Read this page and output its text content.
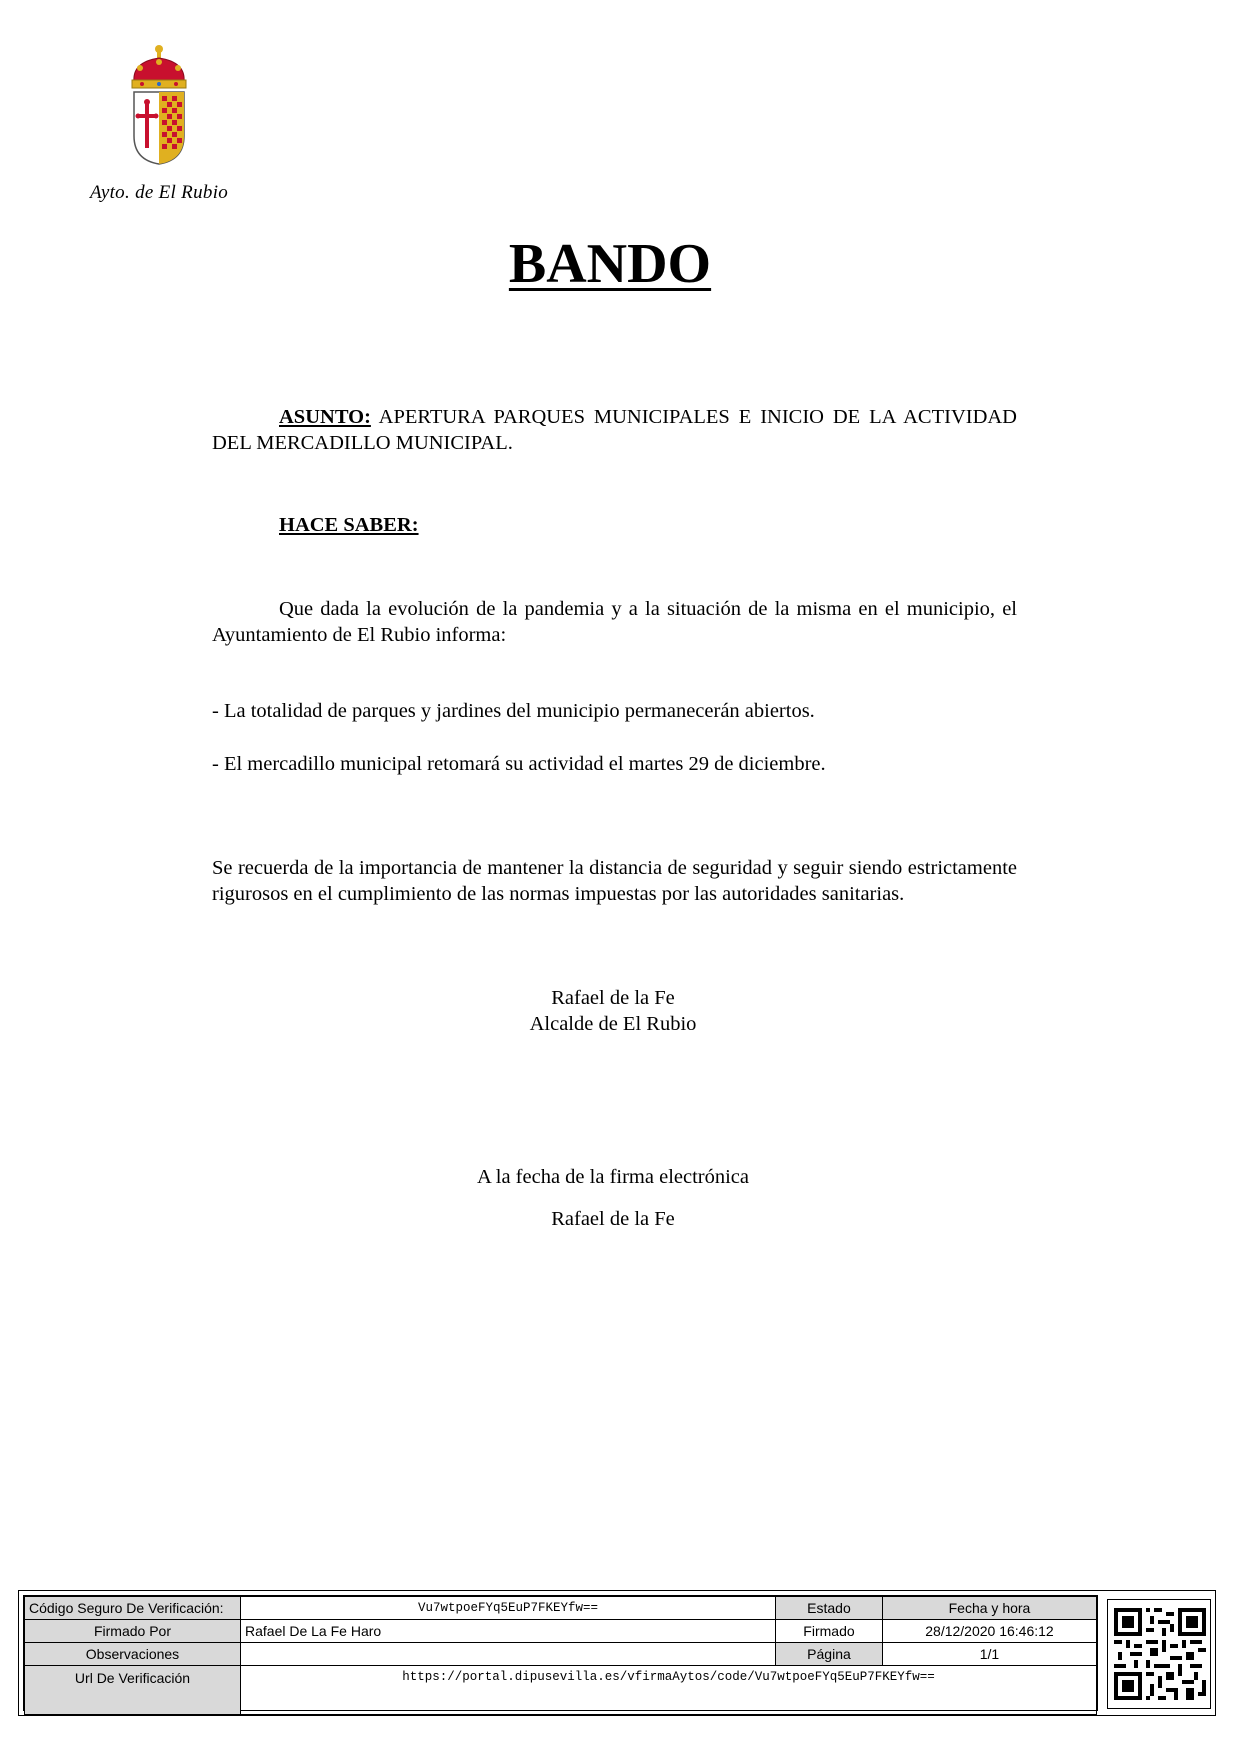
Ayto. de El Rubio
BANDO
ASUNTO: APERTURA PARQUES MUNICIPALES E INICIO DE LA ACTIVIDAD DEL MERCADILLO MUNICIPAL.
HACE SABER:
Que dada la evolución de la pandemia y a la situación de la misma en el municipio, el Ayuntamiento de El Rubio informa:
- La totalidad de parques y jardines del municipio permanecerán abiertos.
- El mercadillo municipal retomará su actividad el martes 29 de diciembre.
Se recuerda de la importancia de mantener la distancia de seguridad y seguir siendo estrictamente rigurosos en el cumplimiento de las normas impuestas por las autoridades sanitarias.
Rafael de la Fe
Alcalde de El Rubio
A la fecha de la firma electrónica
Rafael de la Fe
Código Seguro De Verificación:	Vu7wtpoeFYq5EuP7FKEYfw==	Estado	Fecha y hora
Firmado Por	Rafael De La Fe Haro	Firmado	28/12/2020 16:46:12
Observaciones		Página	1/1
Url De Verificación	https://portal.dipusevilla.es/vfirmaAytos/code/Vu7wtpoeFYq5EuP7FKEYfw==		
